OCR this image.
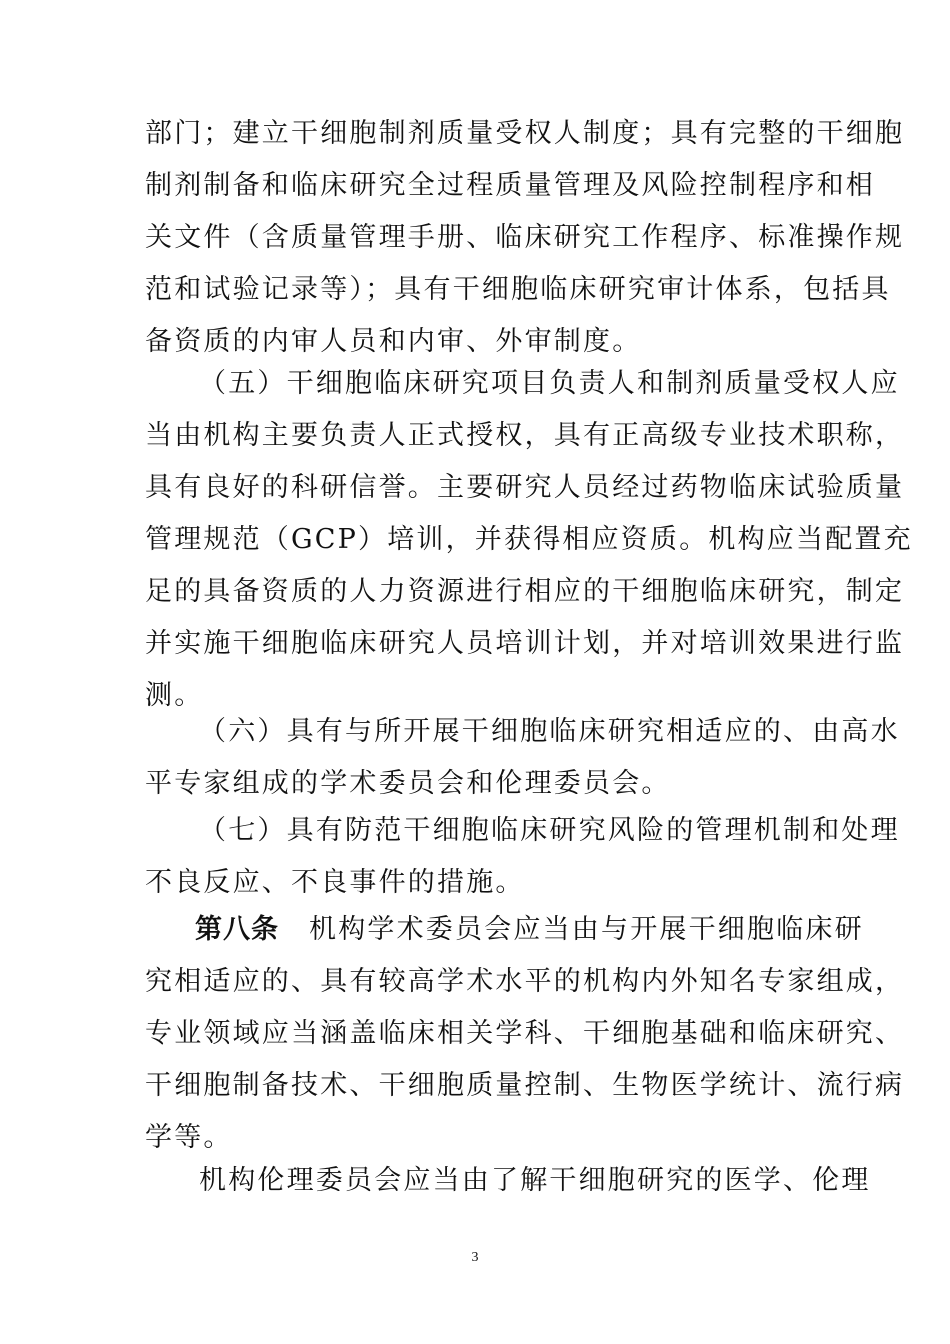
部门；建立干细胞制剂质量受权人制度；具有完整的干细胞
制剂制备和临床研究全过程质量管理及风险控制程序和相
关文件（含质量管理手册、临床研究工作程序、标准操作规
范和试验记录等）；具有干细胞临床研究审计体系，包括具
备资质的内审人员和内审、外审制度。
（五）干细胞临床研究项目负责人和制剂质量受权人应
当由机构主要负责人正式授权，具有正高级专业技术职称，
具有良好的科研信誉。主要研究人员经过药物临床试验质量
管理规范（GCP）培训，并获得相应资质。机构应当配置充
足的具备资质的人力资源进行相应的干细胞临床研究，制定
并实施干细胞临床研究人员培训计划，并对培训效果进行监
测。
（六）具有与所开展干细胞临床研究相适应的、由高水
平专家组成的学术委员会和伦理委员会。
（七）具有防范干细胞临床研究风险的管理机制和处理
不良反应、不良事件的措施。
第八条 机构学术委员会应当由与开展干细胞临床研
究相适应的、具有较高学术水平的机构内外知名专家组成，
专业领域应当涵盖临床相关学科、干细胞基础和临床研究、
干细胞制备技术、干细胞质量控制、生物医学统计、流行病
学等。
机构伦理委员会应当由了解干细胞研究的医学、伦理
3
